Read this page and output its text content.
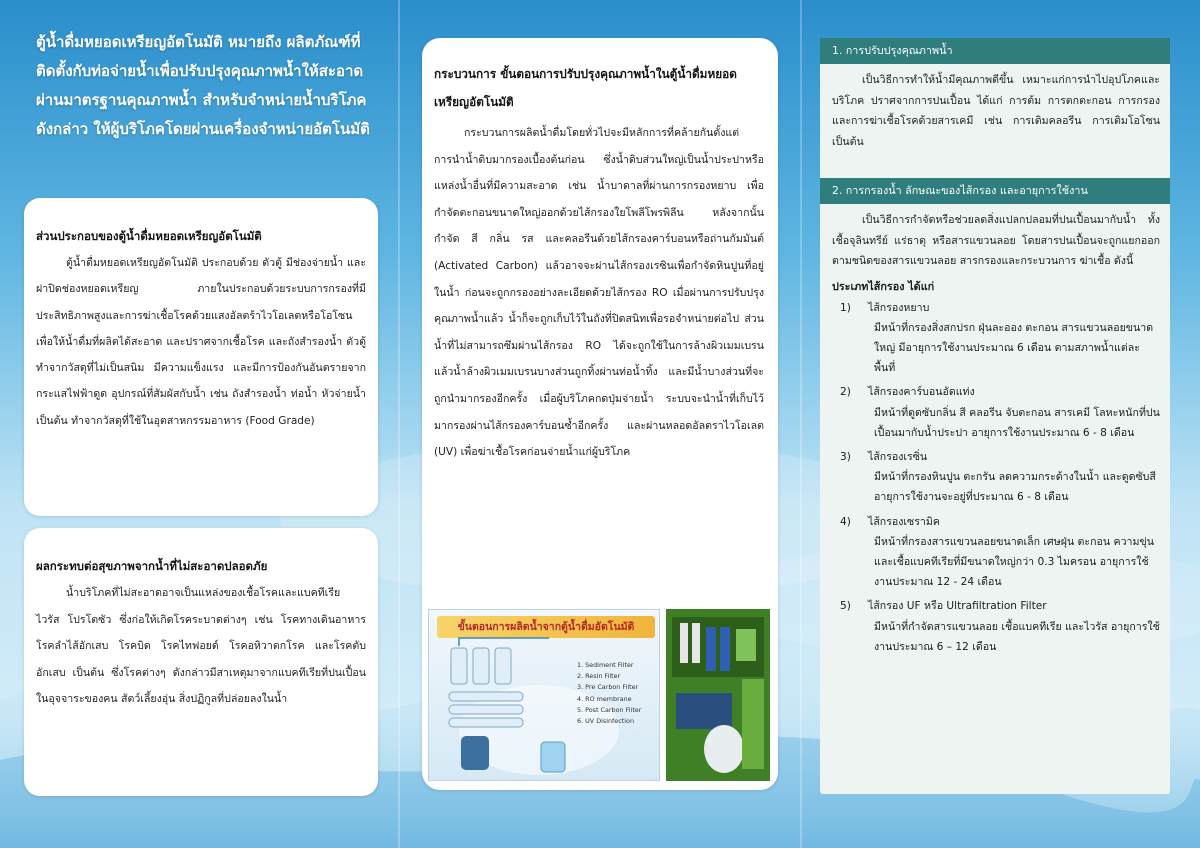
ตู้น้ำดื่มหยอดเหรียญอัตโนมัติ หมายถึง ผลิตภัณฑ์ที่ติดตั้งกับท่อจ่ายน้ำเพื่อปรับปรุงคุณภาพน้ำให้สะอาดผ่านมาตรฐานคุณภาพน้ำ สำหรับจำหน่ายน้ำบริโภคดังกล่าว ให้ผู้บริโภคโดยผ่านเครื่องจำหน่ายอัตโนมัติ
ส่วนประกอบของตู้น้ำดื่มหยอดเหรียญอัตโนมัติ
ตู้น้ำดื่มหยอดเหรียญอัตโนมัติ ประกอบด้วย ตัวตู้ มีช่องจ่ายน้ำ และฝาปิดช่องหยอดเหรียญ ภายในประกอบด้วยระบบการกรองที่มีประสิทธิภาพสูงและการฆ่าเชื้อโรคด้วยแสงอัลตร้าไวโอเลตหรือโอโซน เพื่อให้น้ำดื่มที่ผลิตได้สะอาด และปราศจากเชื้อโรค และถังสำรองน้ำ ตัวตู้ทำจากวัสดุที่ไม่เป็นสนิม มีความแข็งแรง และมีการป้องกันอันตรายจากกระแสไฟฟ้าดูด อุปกรณ์ที่สัมผัสกับน้ำ เช่น ถังสำรองน้ำ ท่อน้ำ หัวจ่ายน้ำ เป็นต้น ทำจากวัสดุที่ใช้ในอุตสาหกรรมอาหาร (Food Grade)
ผลกระทบต่อสุขภาพจากน้ำที่ไม่สะอาดปลอดภัย
น้ำบริโภคที่ไม่สะอาดอาจเป็นแหล่งของเชื้อโรคและแบคทีเรีย ไวรัส โปรโตซัว ซึ่งก่อให้เกิดโรคระบาดต่างๆ เช่น โรคทางเดินอาหาร โรคลำไส้อักเสบ โรคบิด โรคไทฟอยด์ โรคอหิวาตกโรค และโรคตับอักเสบ เป็นต้น ซึ่งโรคต่างๆ ดังกล่าวมีสาเหตุมาจากแบคทีเรียที่ปนเปื้อนในอุจจาระของคน สัตว์เลี้ยงอุ่น สิ่งปฏิกูลที่ปล่อยลงในน้ำ
กระบวนการ ขั้นตอนการปรับปรุงคุณภาพน้ำในตู้น้ำดื่มหยอดเหรียญอัตโนมัติ
กระบวนการผลิตน้ำดื่มโดยทั่วไปจะมีหลักการที่คล้ายกันตั้งแต่การนำน้ำดิบมากรองเบื้องต้นก่อน ซึ่งน้ำดิบส่วนใหญ่เป็นน้ำประปาหรือแหล่งน้ำอื่นที่มีความสะอาด เช่น น้ำบาดาลที่ผ่านการกรองหยาบ เพื่อกำจัดตะกอนขนาดใหญ่ออกด้วยไส้กรองใยโพลีโพรพิลีน หลังจากนั้นกำจัด สี กลิ่น รส และคลอรีนด้วยไส้กรองคาร์บอนหรือถ่านกัมมันต์ (Activated Carbon) แล้วอาจจะผ่านไส้กรองเรซินเพื่อกำจัดหินปูนที่อยู่ในน้ำ ก่อนจะถูกกรองอย่างละเอียดด้วยไส้กรอง RO เมื่อผ่านการปรับปรุงคุณภาพน้ำแล้ว น้ำก็จะถูกเก็บไว้ในถังที่ปิดสนิทเพื่อรอจำหน่ายต่อไป ส่วนน้ำที่ไม่สามารถซึมผ่านไส้กรอง RO ได้จะถูกใช้ในการล้างผิวเมมเบรน แล้วน้ำล้างผิวเมมเบรนบางส่วนถูกทิ้งผ่านท่อน้ำทิ้ง และมีน้ำบางส่วนที่จะถูกนำมากรองอีกครั้ง เมื่อผู้บริโภคกดปุ่มจ่ายน้ำ ระบบจะนำน้ำที่เก็บไว้มากรองผ่านไส้กรองคาร์บอนซ้ำอีกครั้ง และผ่านหลอดอัลตราไวโอเลต (UV) เพื่อฆ่าเชื้อโรคก่อนจ่ายน้ำแก่ผู้บริโภค
ขั้นตอนการผลิตน้ำจากตู้น้ำดื่มอัตโนมัติ
1. Sediment Filter
2. Resin Filter
3. Pre Carbon Filter
4. RO membrane
5. Post Carbon Filter
6. UV Disinfection
1. การปรับปรุงคุณภาพน้ำ
เป็นวิธีการทำให้น้ำมีคุณภาพดีขึ้น เหมาะแก่การนำไปอุปโภคและบริโภค ปราศจากการปนเปื้อน ได้แก่ การต้ม การตกตะกอน การกรอง และการฆ่าเชื้อโรคด้วยสารเคมี เช่น การเติมคลอรีน การเติมโอโซน เป็นต้น
2. การกรองน้ำ ลักษณะของไส้กรอง และอายุการใช้งาน
เป็นวิธีการกำจัดหรือช่วยลดสิ่งแปลกปลอมที่ปนเปื้อนมากับน้ำ ทั้งเชื้อจุลินทรีย์ แร่ธาตุ หรือสารแขวนลอย โดยสารปนเปื้อนจะถูกแยกออกตามชนิดของสารแขวนลอย สารกรองและกระบวนการ ฆ่าเชื้อ ดังนี้
ประเภทไส้กรอง ได้แก่
1) ไส้กรองหยาบ
มีหน้าที่กรองสิ่งสกปรก ฝุ่นละออง ตะกอน สารแขวนลอยขนาดใหญ่ มีอายุการใช้งานประมาณ 6 เดือน ตามสภาพน้ำแต่ละพื้นที่
2) ไส้กรองคาร์บอนอัดแท่ง
มีหน้าที่ดูดซับกลิ่น สี คลอรีน จับตะกอน สารเคมี โลหะหนักที่ปนเปื้อนมากับน้ำประปา อายุการใช้งานประมาณ 6 - 8 เดือน
3) ไส้กรองเรซิ่น
มีหน้าที่กรองหินปูน ตะกรัน ลดความกระด้างในน้ำ และดูดซับสี อายุการใช้งานจะอยู่ที่ประมาณ 6 - 8 เดือน
4) ไส้กรองเซรามิค
มีหน้าที่กรองสารแขวนลอยขนาดเล็ก เศษฝุ่น ตะกอน ความขุ่น และเชื้อแบคทีเรียที่มีขนาดใหญ่กว่า 0.3 ไมครอน อายุการใช้งานประมาณ 12 - 24 เดือน
5) ไส้กรอง UF หรือ Ultrafiltration Filter
มีหน้าที่กำจัดสารแขวนลอย เชื้อแบคทีเรีย และไวรัส อายุการใช้งานประมาณ 6 – 12 เดือน
